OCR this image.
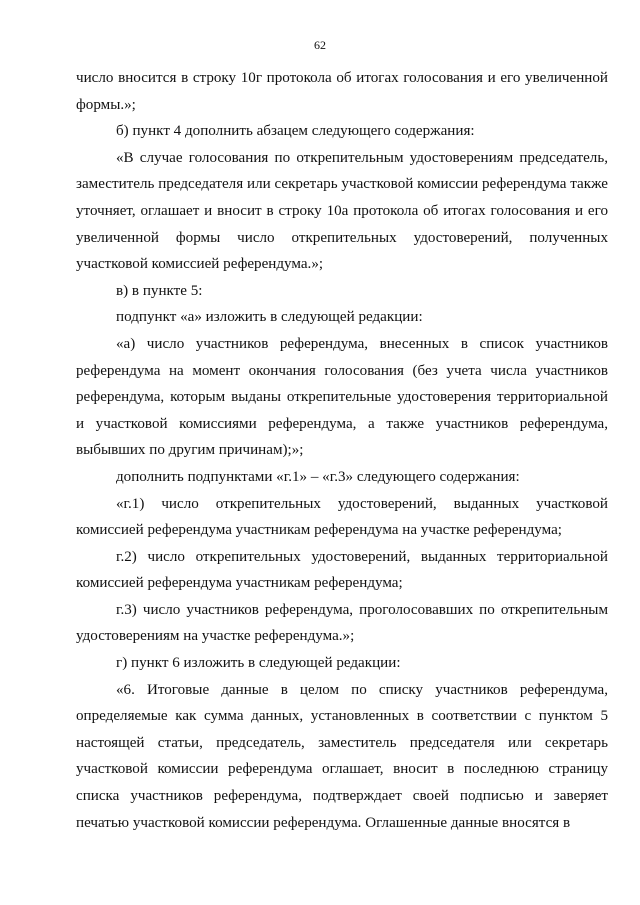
62

число вносится в строку 10г протокола об итогах голосования и его увеличенной формы.»;

б) пункт 4 дополнить абзацем следующего содержания:

«В случае голосования по открепительным удостоверениям председатель, заместитель председателя или секретарь участковой комиссии референдума также уточняет, оглашает и вносит в строку 10а протокола об итогах голосования и его увеличенной формы число открепительных удостоверений, полученных участковой комиссией референдума.»;

в) в пункте 5:

подпункт «а» изложить в следующей редакции:

«а) число участников референдума, внесенных в список участников референдума на момент окончания голосования (без учета числа участников референдума, которым выданы открепительные удостоверения территориальной и участковой комиссиями референдума, а также участников референдума, выбывших по другим причинам);»;

дополнить подпунктами «г.1» – «г.3» следующего содержания:

«г.1) число открепительных удостоверений, выданных участковой комиссией референдума участникам референдума на участке референдума;

г.2) число открепительных удостоверений, выданных территориальной комиссией референдума участникам референдума;

г.3) число участников референдума, проголосовавших по открепительным удостоверениям на участке референдума.»;

г) пункт 6 изложить в следующей редакции:

«6. Итоговые данные в целом по списку участников референдума, определяемые как сумма данных, установленных в соответствии с пунктом 5 настоящей статьи, председатель, заместитель председателя или секретарь участковой комиссии референдума оглашает, вносит в последнюю страницу списка участников референдума, подтверждает своей подписью и заверяет печатью участковой комиссии референдума. Оглашенные данные вносятся в
